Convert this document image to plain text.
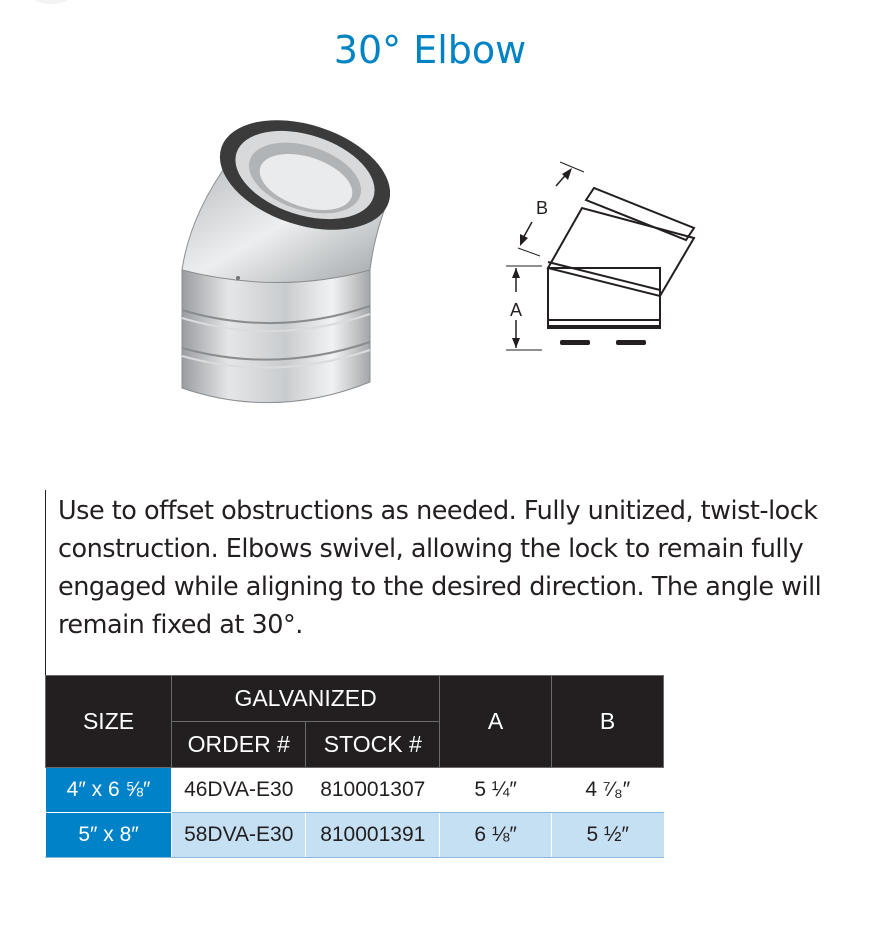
30° Elbow
A
B
Use to offset obstructions as needed. Fully unitized, twist-lock construction. Elbows swivel, allowing the lock to remain fully engaged while aligning to the desired direction. The angle will remain fixed at 30°.
SIZE	GALVANIZED		A	B
	ORDER #	STOCK #		
4″ x 6 ⅝″	46DVA-E30	810001307	5 ¼″	4 ⁷⁄₈″
5″ x 8″	58DVA-E30	810001391	6 ⅛″	5 ½″
